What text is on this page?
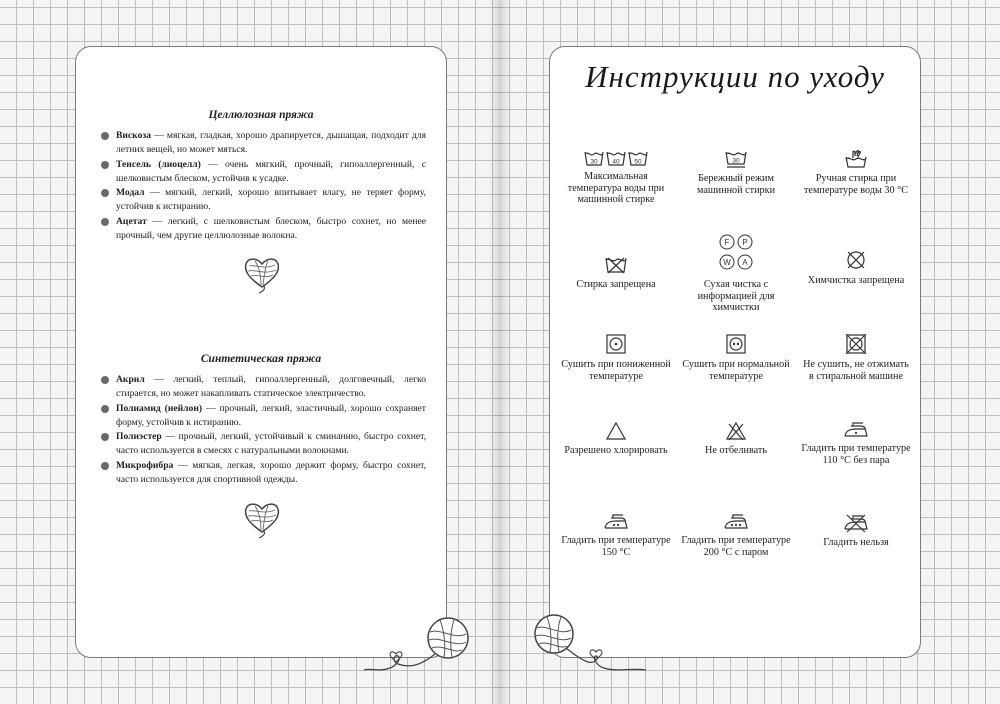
Целлюлозная пряжа
Вискоза — мягкая, гладкая, хорошо драпируется, дышащая, подходит для летних вещей, но может мяться.
Тенсель (лиоцелл) — очень мягкий, прочный, гипоаллергенный, с шелковистым блеском, устойчив к усадке.
Модал — мягкий, легкий, хорошо впитывает влагу, не теряет форму, устойчив к истиранию.
Ацетат — легкий, с шелковистым блеском, быстро сохнет, но менее прочный, чем другие целлюлозные волокна.
Синтетическая пряжа
Акрил — легкий, теплый, гипоаллергенный, долговечный, легко стирается, но может накапливать статическое электричество.
Полиамид (нейлон) — прочный, легкий, эластичный, хорошо сохраняет форму, устойчив к истиранию.
Полиэстер — прочный, легкий, устойчивый к сминанию, быстро сохнет, часто используется в смесях с натуральными волокнами.
Микрофибра — мягкая, легкая, хорошо держит форму, быстро сохнет, часто используется для спортивной одежды.
Инструкции по уходу
30 40 50
Максимальная температура воды при машинной стирке
30
Бережный режим машинной стирки
Ручная стирка при температуре воды 30 °С
Стирка запрещена
F P
W A
Сухая чистка с информацией для химчистки
Химчистка запрещена
Сушить при пониженной температуре
Сушить при нормальной температуре
Не сушить, не отжимать в стиральной машине
Разрешено хлорировать	Не отбеливать	Гладить при температуре 110 °С без пара
Гладить при температуре 150 °С
Гладить при температуре 200 °С с паром
Гладить нельзя
